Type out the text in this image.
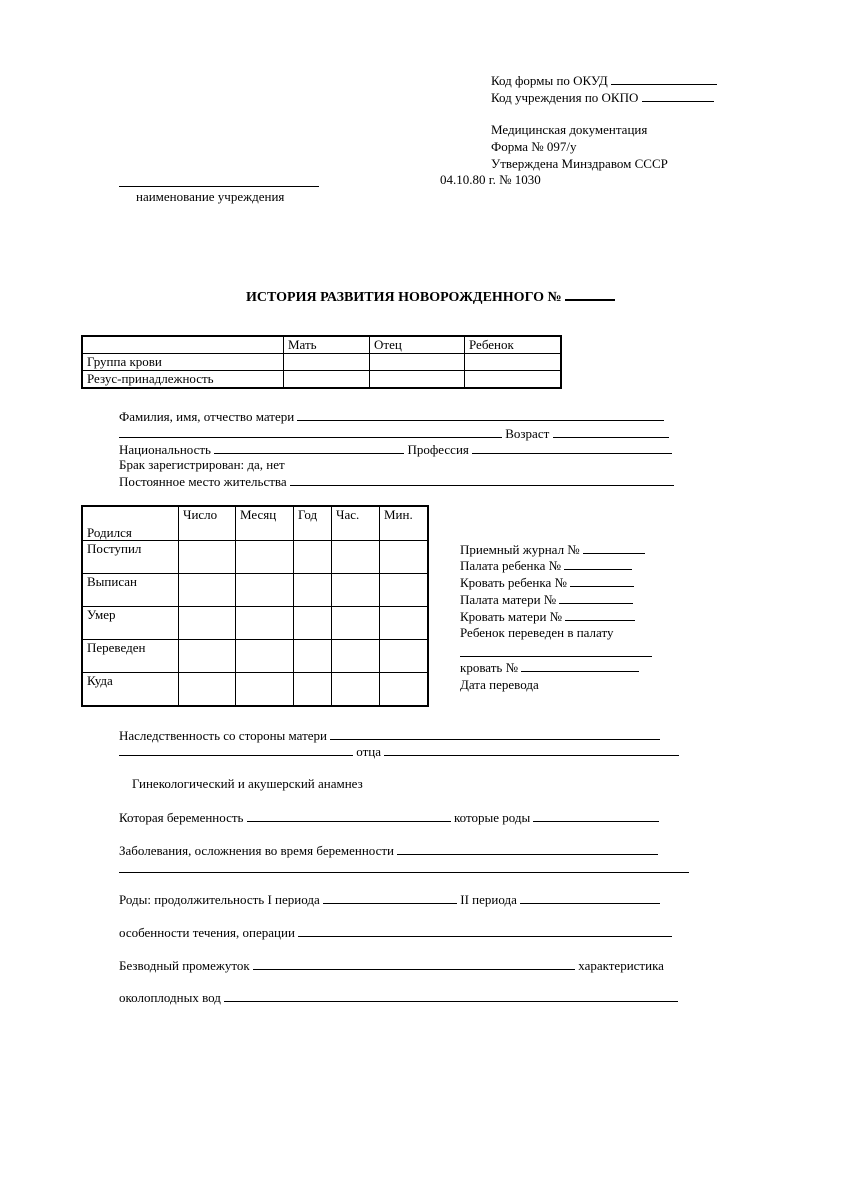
Код формы по ОКУД
Код учреждения по ОКПО
Медицинская документация
Форма № 097/у
Утверждена Минздравом СССР
04.10.80 г. № 1030
наименование учреждения
ИСТОРИЯ РАЗВИТИЯ НОВОРОЖДЕННОГО №
	Мать	Отец	Ребенок
Группа крови			
Резус-принадлежность			
Фамилия, имя, отчество матери
Возраст
Национальность	Профессия
Брак зарегистрирован: да, нет
Постоянное место жительства
Родился	Число	Месяц	Год	Час.	Мин.
Поступил					
Выписан					
Умер					
Переведен					
Куда					
Приемный журнал №
Палата ребенка №
Кровать ребенка №
Палата матери №
Кровать матери №
Ребенок переведен в палату
кровать №
Дата перевода
Наследственность со стороны матери
отца
Гинекологический и акушерский анамнез
Которая беременность	которые роды
Заболевания, осложнения во время беременности
Роды: продолжительность I периода	II периода
особенности течения, операции
Безводный промежуток	характеристика
околоплодных вод
